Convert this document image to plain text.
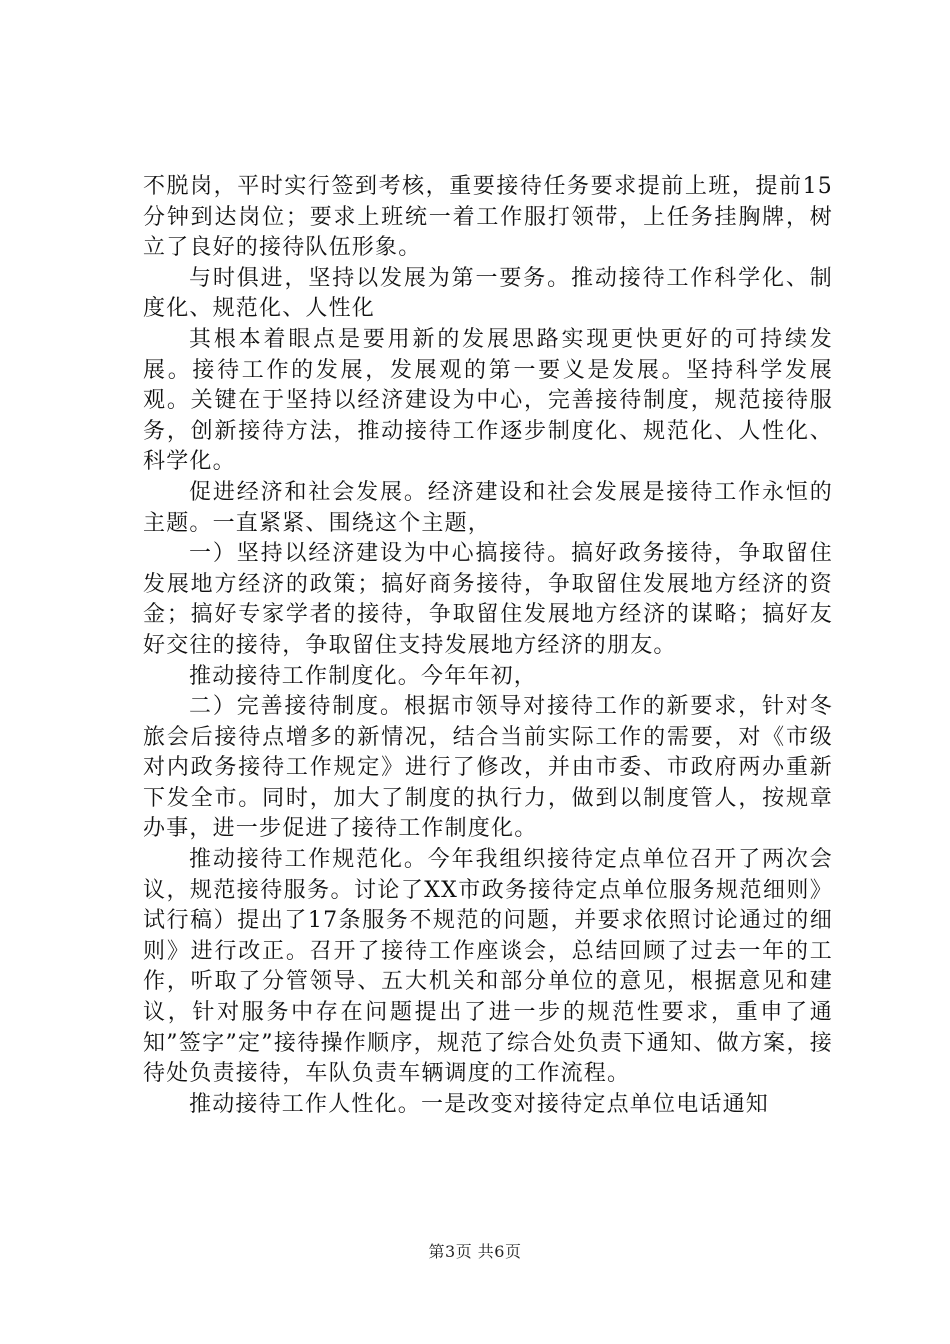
不脱岗，平时实行签到考核，重要接待任务要求提前上班，提前15分钟到达岗位；要求上班统一着工作服打领带，上任务挂胸牌，树立了良好的接待队伍形象。

与时俱进，坚持以发展为第一要务。推动接待工作科学化、制度化、规范化、人性化

其根本着眼点是要用新的发展思路实现更快更好的可持续发展。接待工作的发展，发展观的第一要义是发展。坚持科学发展观。关键在于坚持以经济建设为中心，完善接待制度，规范接待服务，创新接待方法，推动接待工作逐步制度化、规范化、人性化、科学化。

促进经济和社会发展。经济建设和社会发展是接待工作永恒的主题。一直紧紧、围绕这个主题，

一）坚持以经济建设为中心搞接待。搞好政务接待，争取留住发展地方经济的政策；搞好商务接待，争取留住发展地方经济的资金；搞好专家学者的接待，争取留住发展地方经济的谋略；搞好友好交往的接待，争取留住支持发展地方经济的朋友。

推动接待工作制度化。今年年初，

二）完善接待制度。根据市领导对接待工作的新要求，针对冬旅会后接待点增多的新情况，结合当前实际工作的需要，对《市级对内政务接待工作规定》进行了修改，并由市委、市政府两办重新下发全市。同时，加大了制度的执行力，做到以制度管人，按规章办事，进一步促进了接待工作制度化。

推动接待工作规范化。今年我组织接待定点单位召开了两次会议，规范接待服务。讨论了XX市政务接待定点单位服务规范细则》试行稿）提出了17条服务不规范的问题，并要求依照讨论通过的细则》进行改正。召开了接待工作座谈会，总结回顾了过去一年的工作，听取了分管领导、五大机关和部分单位的意见，根据意见和建议，针对服务中存在问题提出了进一步的规范性要求，重申了通知”签字”定”接待操作顺序，规范了综合处负责下通知、做方案，接待处负责接待，车队负责车辆调度的工作流程。

推动接待工作人性化。一是改变对接待定点单位电话通知

第3页 共6页
